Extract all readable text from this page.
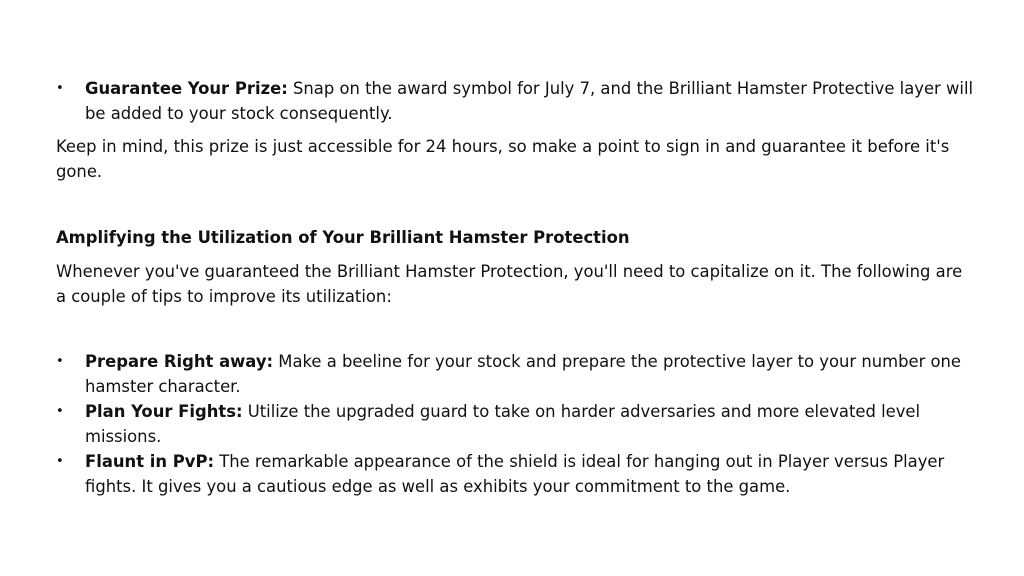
•	Guarantee Your Prize: Snap on the award symbol for July 7, and the Brilliant Hamster Protective layer will be added to your stock consequently.

Keep in mind, this prize is just accessible for 24 hours, so make a point to sign in and guarantee it before it's gone.

Amplifying the Utilization of Your Brilliant Hamster Protection

Whenever you've guaranteed the Brilliant Hamster Protection, you'll need to capitalize on it. The following are a couple of tips to improve its utilization:

•	Prepare Right away: Make a beeline for your stock and prepare the protective layer to your number one hamster character.
•	Plan Your Fights: Utilize the upgraded guard to take on harder adversaries and more elevated level missions.
•	Flaunt in PvP: The remarkable appearance of the shield is ideal for hanging out in Player versus Player fights. It gives you a cautious edge as well as exhibits your commitment to the game.
